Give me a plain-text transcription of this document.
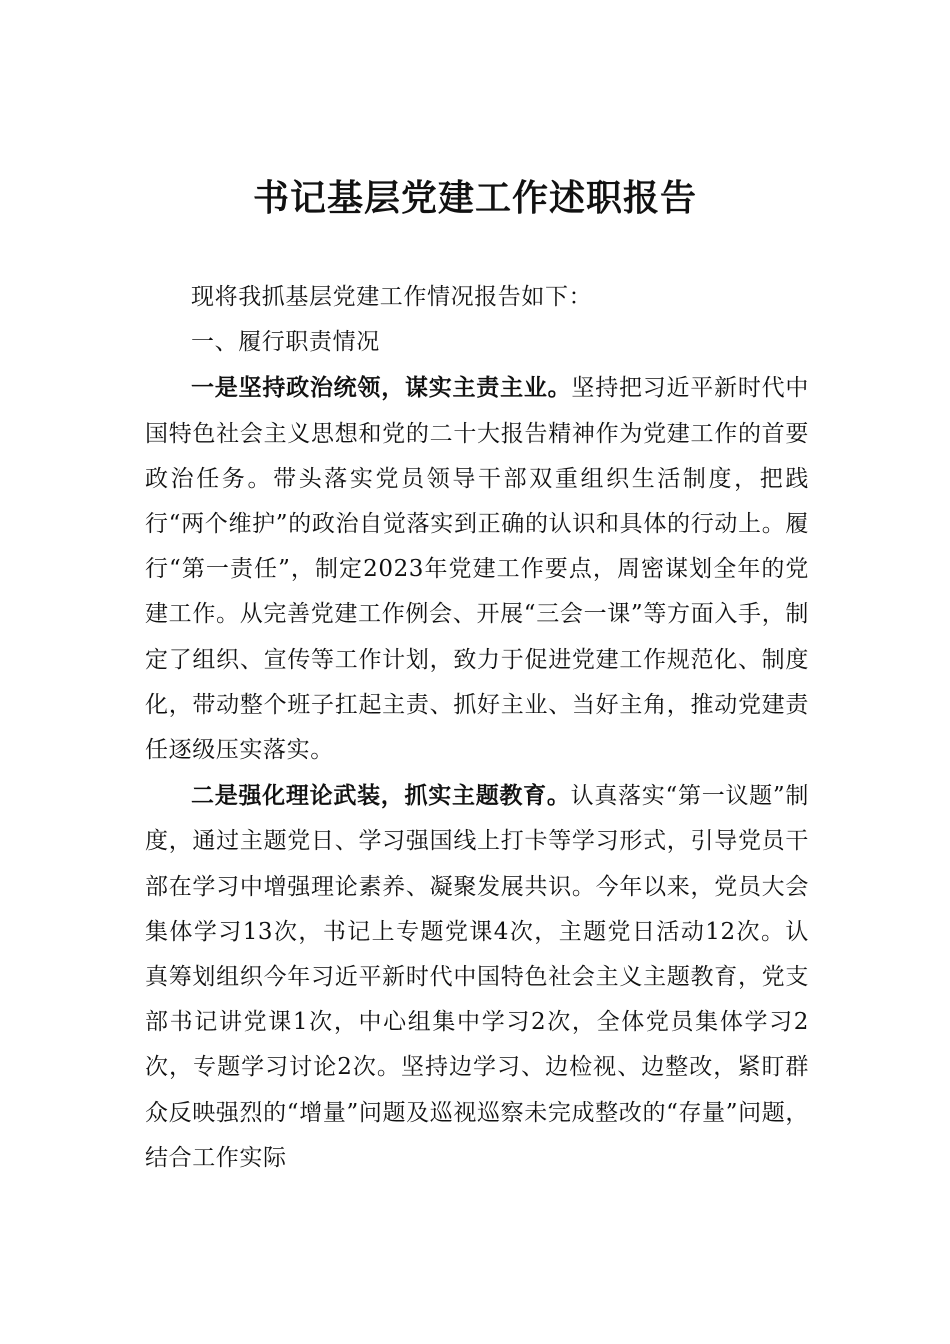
书记基层党建工作述职报告

现将我抓基层党建工作情况报告如下：

一、履行职责情况

一是坚持政治统领，谋实主责主业。坚持把习近平新时代中国特色社会主义思想和党的二十大报告精神作为党建工作的首要政治任务。带头落实党员领导干部双重组织生活制度，把践行“两个维护”的政治自觉落实到正确的认识和具体的行动上。履行“第一责任”，制定2023年党建工作要点，周密谋划全年的党建工作。从完善党建工作例会、开展“三会一课”等方面入手，制定了组织、宣传等工作计划，致力于促进党建工作规范化、制度化，带动整个班子扛起主责、抓好主业、当好主角，推动党建责任逐级压实落实。

二是强化理论武装，抓实主题教育。认真落实“第一议题”制度，通过主题党日、学习强国线上打卡等学习形式，引导党员干部在学习中增强理论素养、凝聚发展共识。今年以来，党员大会集体学习13次，书记上专题党课4次，主题党日活动12次。认真筹划组织今年习近平新时代中国特色社会主义主题教育，党支部书记讲党课1次，中心组集中学习2次，全体党员集体学习2次，专题学习讨论2次。坚持边学习、边检视、边整改，紧盯群众反映强烈的“增量”问题及巡视巡察未完成整改的“存量”问题，结合工作实际
